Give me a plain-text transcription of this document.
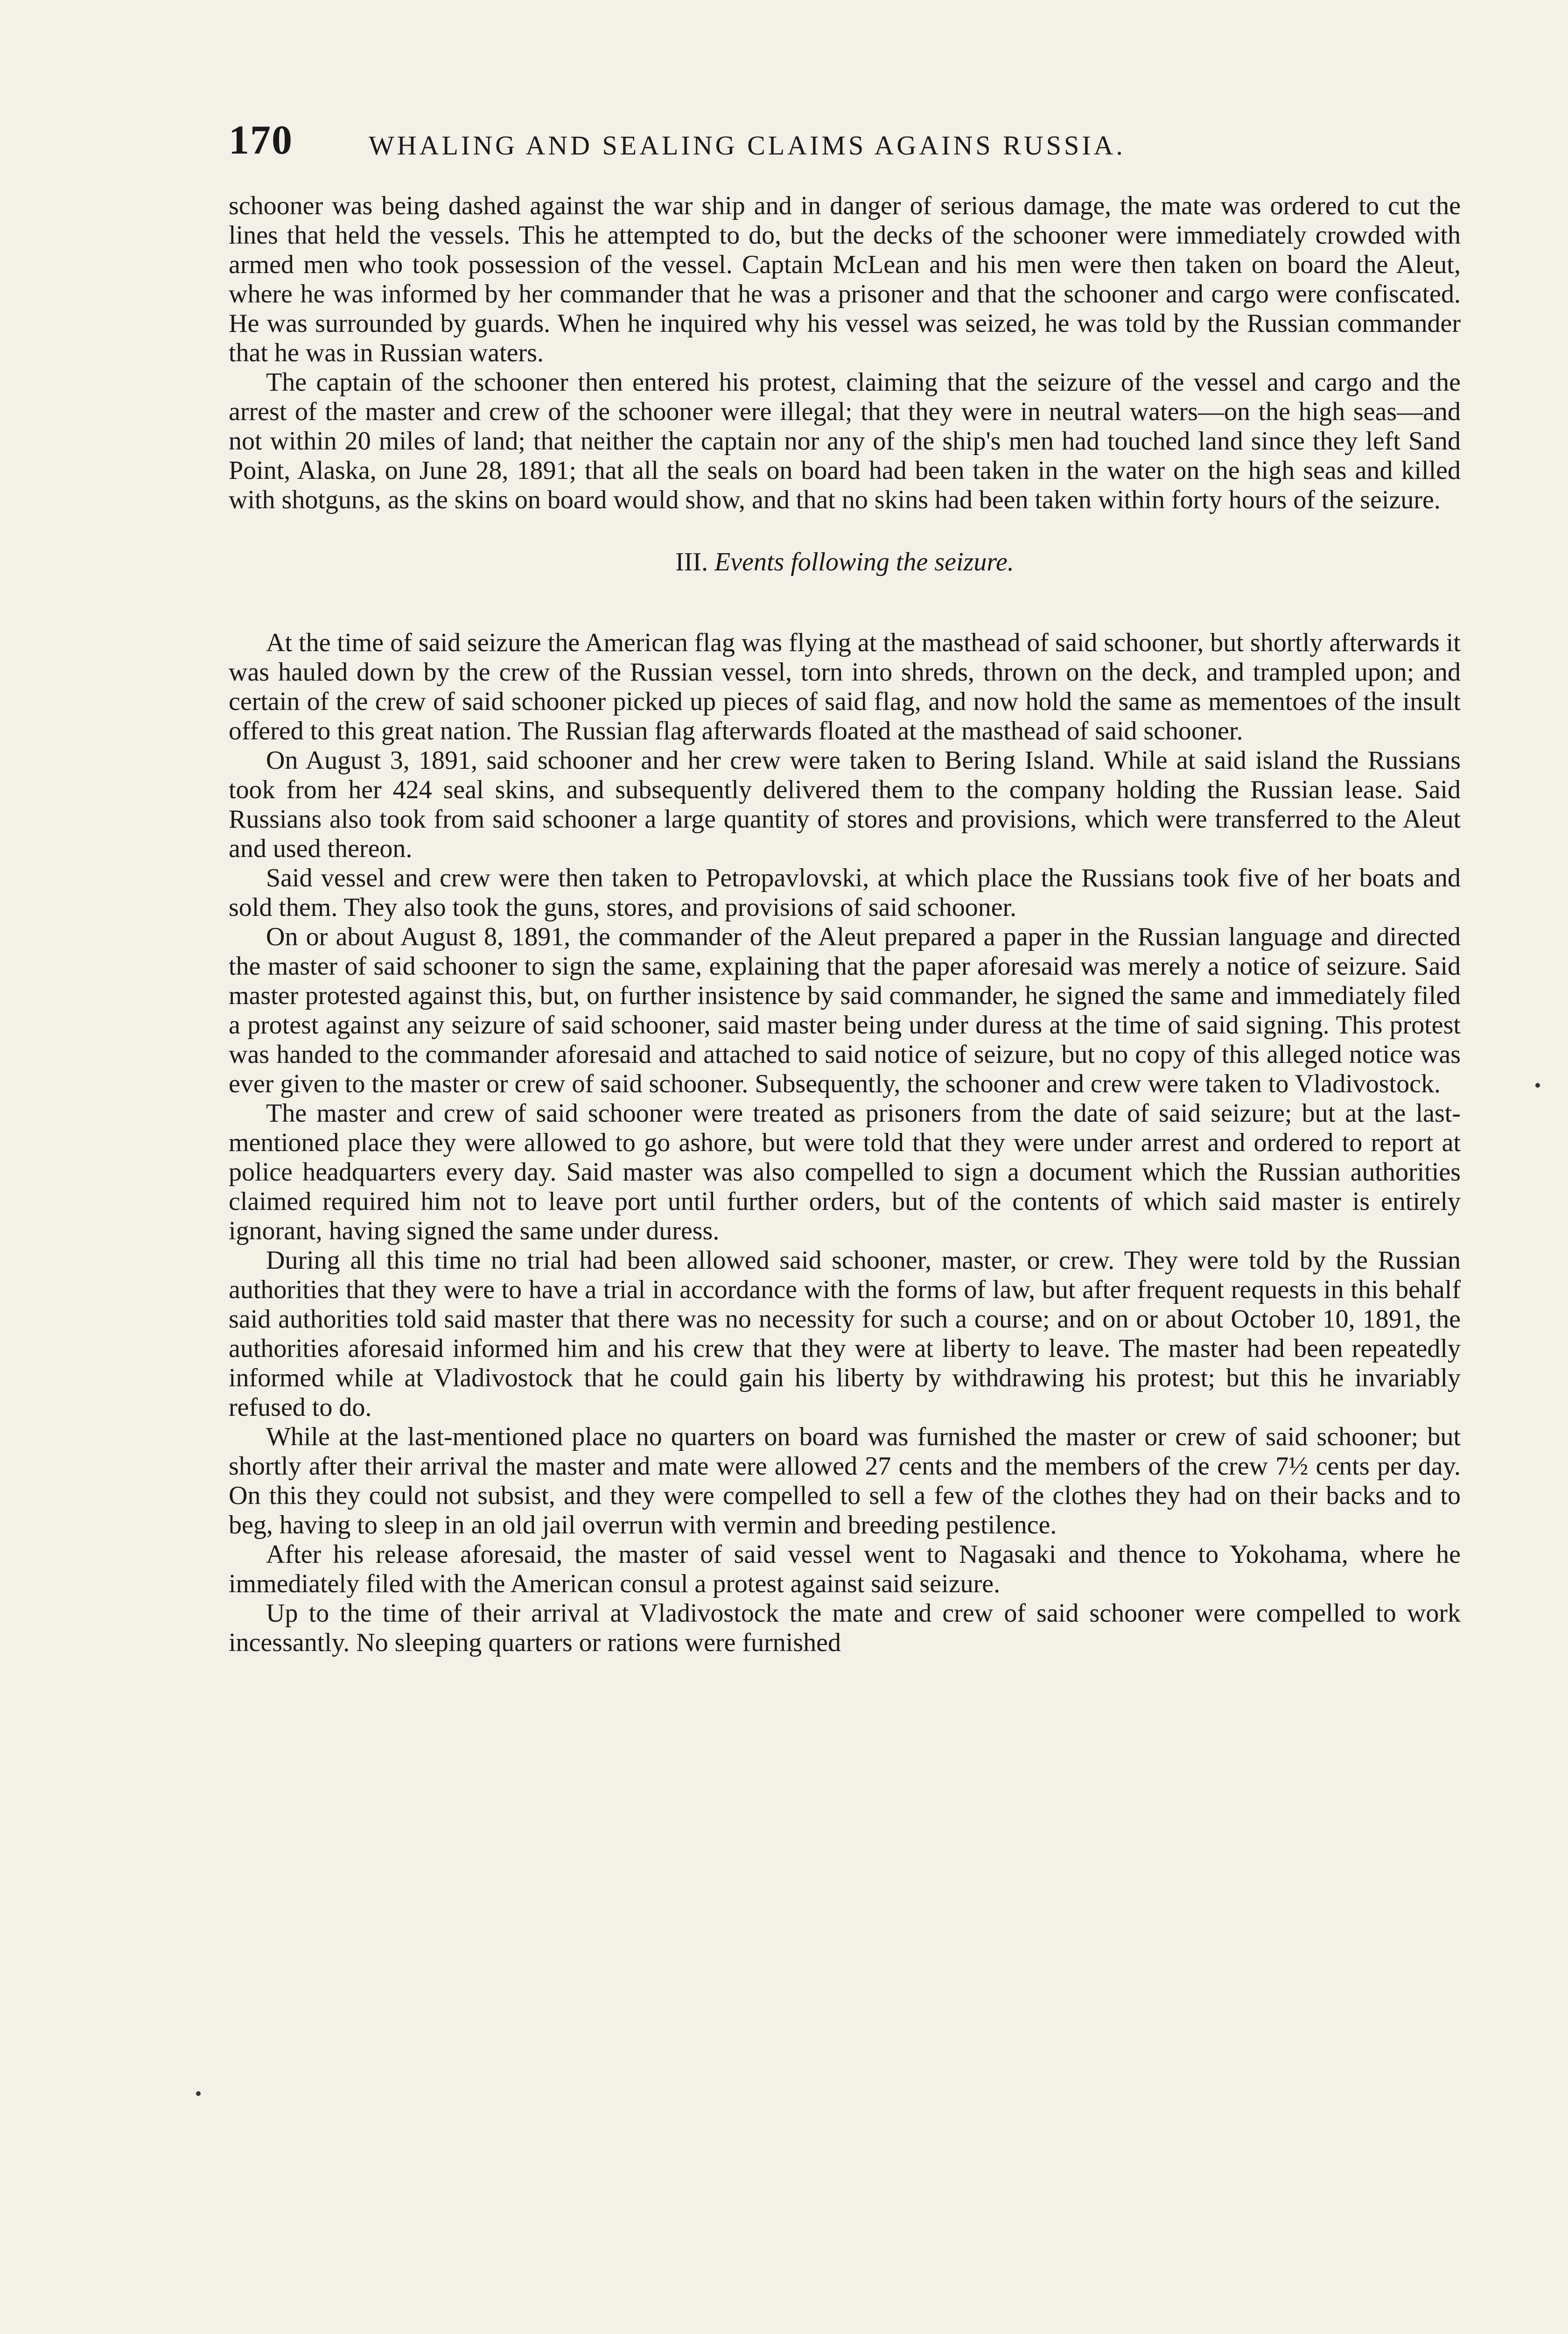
170	WHALING AND SEALING CLAIMS AGAINS RUSSIA.

schooner was being dashed against the war ship and in danger of serious damage, the mate was ordered to cut the lines that held the vessels. This he attempted to do, but the decks of the schooner were immediately crowded with armed men who took possession of the vessel. Captain McLean and his men were then taken on board the Aleut, where he was informed by her commander that he was a prisoner and that the schooner and cargo were confiscated. He was surrounded by guards. When he inquired why his vessel was seized, he was told by the Russian commander that he was in Russian waters.

The captain of the schooner then entered his protest, claiming that the seizure of the vessel and cargo and the arrest of the master and crew of the schooner were illegal; that they were in neutral waters—on the high seas—and not within 20 miles of land; that neither the captain nor any of the ship's men had touched land since they left Sand Point, Alaska, on June 28, 1891; that all the seals on board had been taken in the water on the high seas and killed with shotguns, as the skins on board would show, and that no skins had been taken within forty hours of the seizure.

III. Events following the seizure.

At the time of said seizure the American flag was flying at the masthead of said schooner, but shortly afterwards it was hauled down by the crew of the Russian vessel, torn into shreds, thrown on the deck, and trampled upon; and certain of the crew of said schooner picked up pieces of said flag, and now hold the same as mementoes of the insult offered to this great nation. The Russian flag afterwards floated at the masthead of said schooner.

On August 3, 1891, said schooner and her crew were taken to Bering Island. While at said island the Russians took from her 424 seal skins, and subsequently delivered them to the company holding the Russian lease. Said Russians also took from said schooner a large quantity of stores and provisions, which were transferred to the Aleut and used thereon.

Said vessel and crew were then taken to Petropavlovski, at which place the Russians took five of her boats and sold them. They also took the guns, stores, and provisions of said schooner.

On or about August 8, 1891, the commander of the Aleut prepared a paper in the Russian language and directed the master of said schooner to sign the same, explaining that the paper aforesaid was merely a notice of seizure. Said master protested against this, but, on further insistence by said commander, he signed the same and immediately filed a protest against any seizure of said schooner, said master being under duress at the time of said signing. This protest was handed to the commander aforesaid and attached to said notice of seizure, but no copy of this alleged notice was ever given to the master or crew of said schooner. Subsequently, the schooner and crew were taken to Vladivostock.

The master and crew of said schooner were treated as prisoners from the date of said seizure; but at the last-mentioned place they were allowed to go ashore, but were told that they were under arrest and ordered to report at police headquarters every day. Said master was also compelled to sign a document which the Russian authorities claimed required him not to leave port until further orders, but of the contents of which said master is entirely ignorant, having signed the same under duress.

During all this time no trial had been allowed said schooner, master, or crew. They were told by the Russian authorities that they were to have a trial in accordance with the forms of law, but after frequent requests in this behalf said authorities told said master that there was no necessity for such a course; and on or about October 10, 1891, the authorities aforesaid informed him and his crew that they were at liberty to leave. The master had been repeatedly informed while at Vladivostock that he could gain his liberty by withdrawing his protest; but this he invariably refused to do.

While at the last-mentioned place no quarters on board was furnished the master or crew of said schooner; but shortly after their arrival the master and mate were allowed 27 cents and the members of the crew 7½ cents per day. On this they could not subsist, and they were compelled to sell a few of the clothes they had on their backs and to beg, having to sleep in an old jail overrun with vermin and breeding pestilence.

After his release aforesaid, the master of said vessel went to Nagasaki and thence to Yokohama, where he immediately filed with the American consul a protest against said seizure.

Up to the time of their arrival at Vladivostock the mate and crew of said schooner were compelled to work incessantly. No sleeping quarters or rations were furnished
